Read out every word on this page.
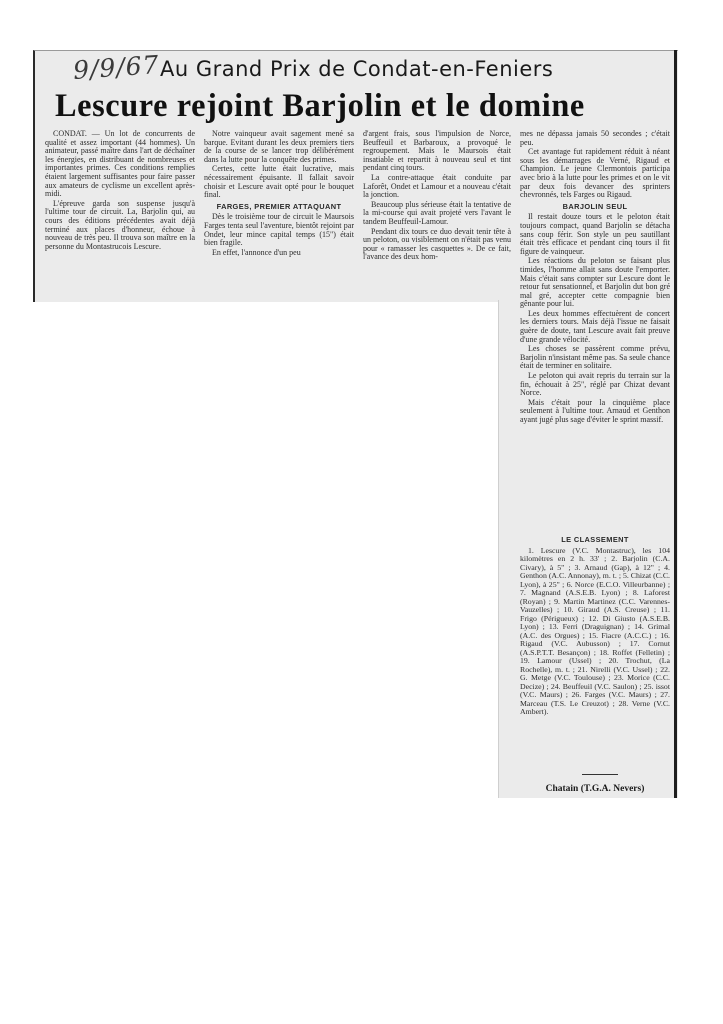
9/9/67 Au Grand Prix de Condat-en-Feniers
Lescure rejoint Barjolin et le domine

CONDAT. — Un lot de concurrents de qualité et assez important (44 hommes). Un animateur, passé maître dans l'art de déchaîner les énergies, en distribuant de nombreuses et importantes primes. Ces conditions remplies étaient largement suffisantes pour faire passer aux amateurs de cyclisme un excellent après-midi.

L'épreuve garda son suspense jusqu'à l'ultime tour de circuit. La, Barjolin qui, au cours des éditions précédentes avait déjà terminé aux places d'honneur, échoue à nouveau de très peu. Il trouva son maître en la personne du Montastrucois Lescure.

Notre vainqueur avait sagement mené sa barque. Evitant durant les deux premiers tiers de la course de se lancer trop délibérément dans la lutte pour la conquête des primes.

Certes, cette lutte était lucrative, mais nécessairement épuisante. Il fallait savoir choisir et Lescure avait opté pour le bouquet final.

FARGES, PREMIER ATTAQUANT

Dès le troisième tour de circuit le Maursois Farges tenta seul l'aventure, bientôt rejoint par Ondet, leur mince capital temps (15") était bien fragile.

En effet, l'annonce d'un peu

d'argent frais, sous l'impulsion de Norce, Beuffeuil et Barbaroux, a provoqué le regroupement. Mais le Maursois était insatiable et repartit à nouveau seul et tint pendant cinq tours.

La contre-attaque était conduite par Laforêt, Ondet et Lamour et a nouveau c'était la jonction.

Beaucoup plus sérieuse était la tentative de la mi-course qui avait projeté vers l'avant le tandem Beuffeuil-Lamour.

Pendant dix tours ce duo devait tenir tête à un peloton, ou visiblement on n'était pas venu pour « ramasser les casquettes ». De ce fait, l'avance des deux hom-

mes ne dépassa jamais 50 secondes ; c'était peu.

Cet avantage fut rapidement réduit à néant sous les démarrages de Verné, Rigaud et Champion. Le jeune Clermontois participa avec brio à la lutte pour les primes et on le vit par deux fois devancer des sprinters chevronnés, tels Farges ou Rigaud.

BARJOLIN SEUL

Il restait douze tours et le peloton était toujours compact, quand Barjolin se détacha sans coup férir. Son style un peu sautillant était très efficace et pendant cinq tours il fit figure de vainqueur.

Les réactions du peloton se faisant plus timides, l'homme allait sans doute l'emporter. Mais c'était sans compter sur Lescure dont le retour fut sensationnel, et Barjolin dut bon gré mal gré, accepter cette compagnie bien gênante pour lui.

Les deux hommes effectuèrent de concert les derniers tours. Mais déjà l'issue ne faisait guère de doute, tant Lescure avait fait preuve d'une grande vélocité.

Les choses se passèrent comme prévu, Barjolin n'insistant même pas. Sa seule chance était de terminer en solitaire.

Le peloton qui avait repris du terrain sur la fin, échouait à 25", réglé par Chizat devant Norce.

Mais c'était pour la cinquième place seulement à l'ultime tour. Arnaud et Genthon ayant jugé plus sage d'éviter le sprint massif.

LE CLASSEMENT

1. Lescure (V.C. Montastruc), les 104 kilomètres en 2 h. 33' ; 2. Barjolin (C.A. Civary), à 5" ; 3. Arnaud (Gap), à 12" ; 4. Genthon (A.C. Annonay), m. t. ; 5. Chizat (C.C. Lyon), à 25" ; 6. Norce (E.C.O. Villeurbanne) ; 7. Magnand (A.S.E.B. Lyon) ; 8. Laforest (Royan) ; 9. Martin Martinez (C.C. Varennes-Vauzelles) ; 10. Giraud (A.S. Creuse) ; 11. Frigo (Périgueux) ; 12. Di Giusto (A.S.E.B. Lyon) ; 13. Ferri (Draguignan) ; 14. Grimal (A.C. des Orgues) ; 15. Fiacre (A.C.C.) ; 16. Rigaud (V.C. Aubusson) ; 17. Cornut (A.S.P.T.T. Besançon) ; 18. Roffet (Felletin) ; 19. Lamour (Ussel) ; 20. Trochut, (La Rochelle), m. t. ; 21. Nirelli (V.C. Ussel) ; 22. G. Metge (V.C. Toulouse) ; 23. Morice (C.C. Decize) ; 24. Beuffeuil (V.C. Saulon) ; 25. issot (V.C. Maurs) ; 26. Farges (V.C. Maurs) ; 27. Marceau (T.S. Le Creuzot) ; 28. Verne (V.C. Ambert).

Chatain (T.G.A. Nevers)
